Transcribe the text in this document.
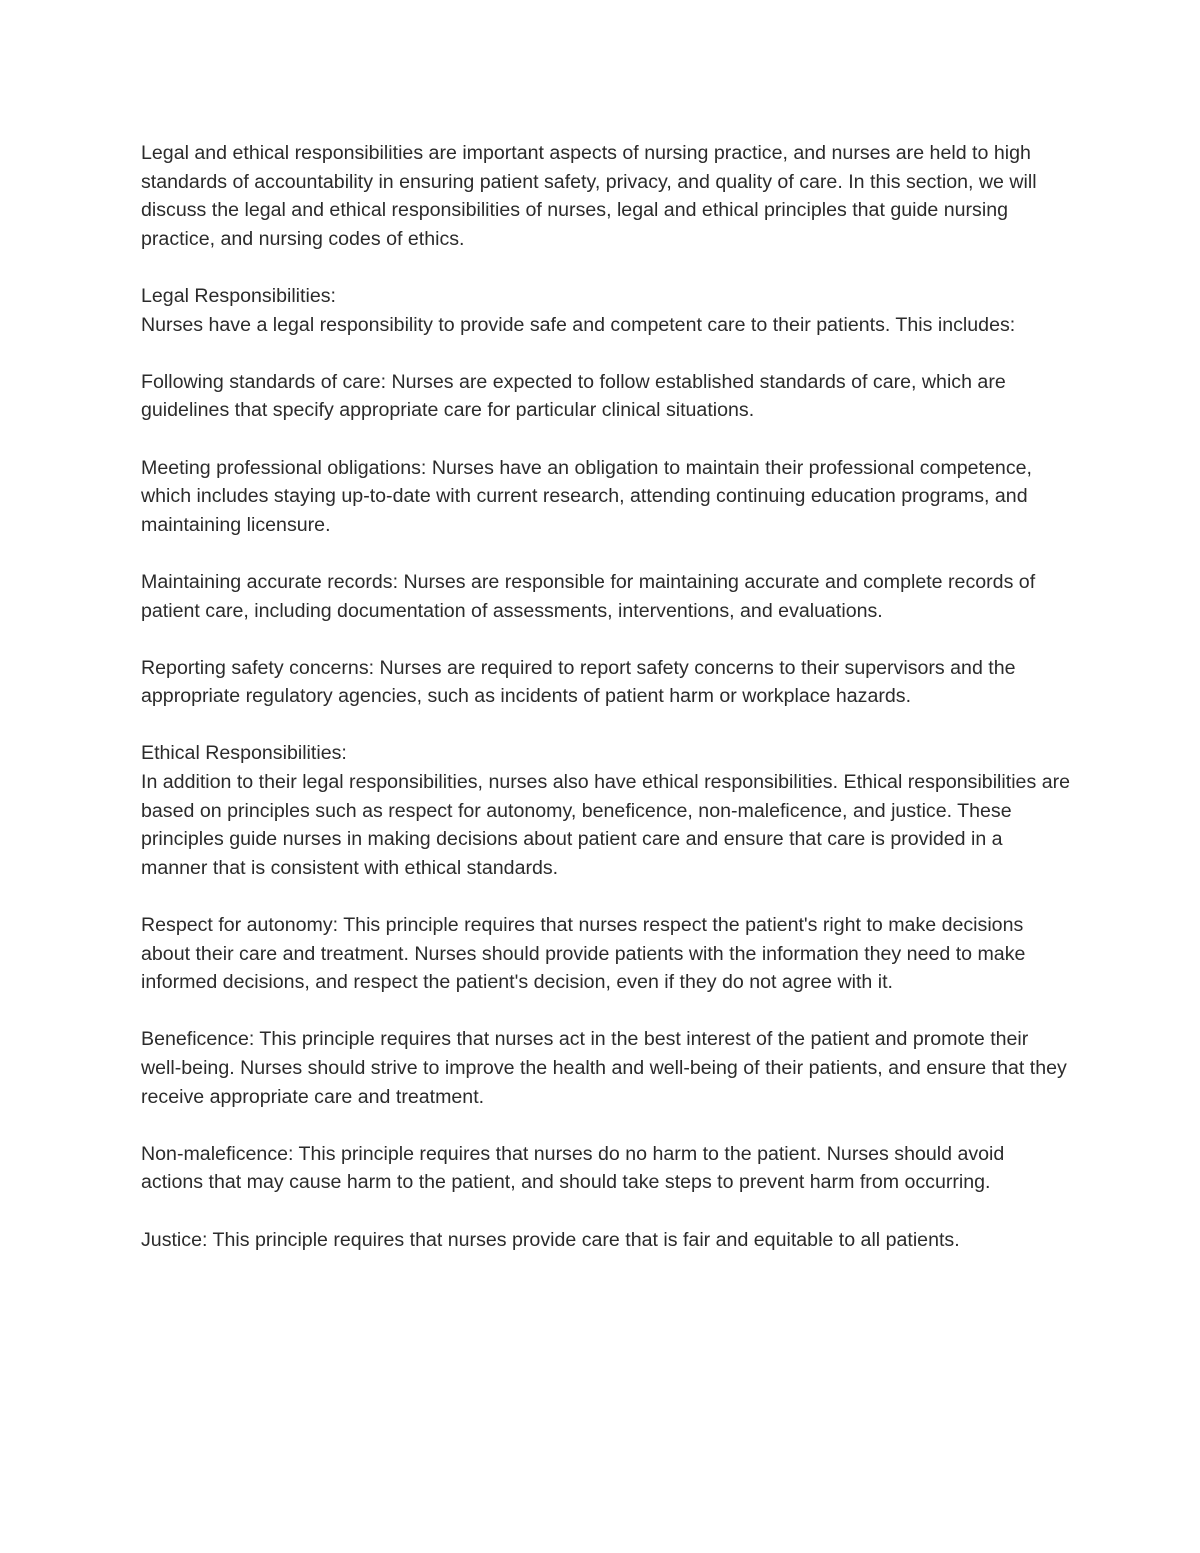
Legal and ethical responsibilities are important aspects of nursing practice, and nurses are held to high standards of accountability in ensuring patient safety, privacy, and quality of care. In this section, we will discuss the legal and ethical responsibilities of nurses, legal and ethical principles that guide nursing practice, and nursing codes of ethics.

Legal Responsibilities:

Nurses have a legal responsibility to provide safe and competent care to their patients. This includes:

Following standards of care: Nurses are expected to follow established standards of care, which are guidelines that specify appropriate care for particular clinical situations.

Meeting professional obligations: Nurses have an obligation to maintain their professional competence, which includes staying up-to-date with current research, attending continuing education programs, and maintaining licensure.

Maintaining accurate records: Nurses are responsible for maintaining accurate and complete records of patient care, including documentation of assessments, interventions, and evaluations.

Reporting safety concerns: Nurses are required to report safety concerns to their supervisors and the appropriate regulatory agencies, such as incidents of patient harm or workplace hazards.

Ethical Responsibilities:

In addition to their legal responsibilities, nurses also have ethical responsibilities. Ethical responsibilities are based on principles such as respect for autonomy, beneficence, non-maleficence, and justice. These principles guide nurses in making decisions about patient care and ensure that care is provided in a manner that is consistent with ethical standards.

Respect for autonomy: This principle requires that nurses respect the patient's right to make decisions about their care and treatment. Nurses should provide patients with the information they need to make informed decisions, and respect the patient's decision, even if they do not agree with it.

Beneficence: This principle requires that nurses act in the best interest of the patient and promote their well-being. Nurses should strive to improve the health and well-being of their patients, and ensure that they receive appropriate care and treatment.

Non-maleficence: This principle requires that nurses do no harm to the patient. Nurses should avoid actions that may cause harm to the patient, and should take steps to prevent harm from occurring.

Justice: This principle requires that nurses provide care that is fair and equitable to all patients.
